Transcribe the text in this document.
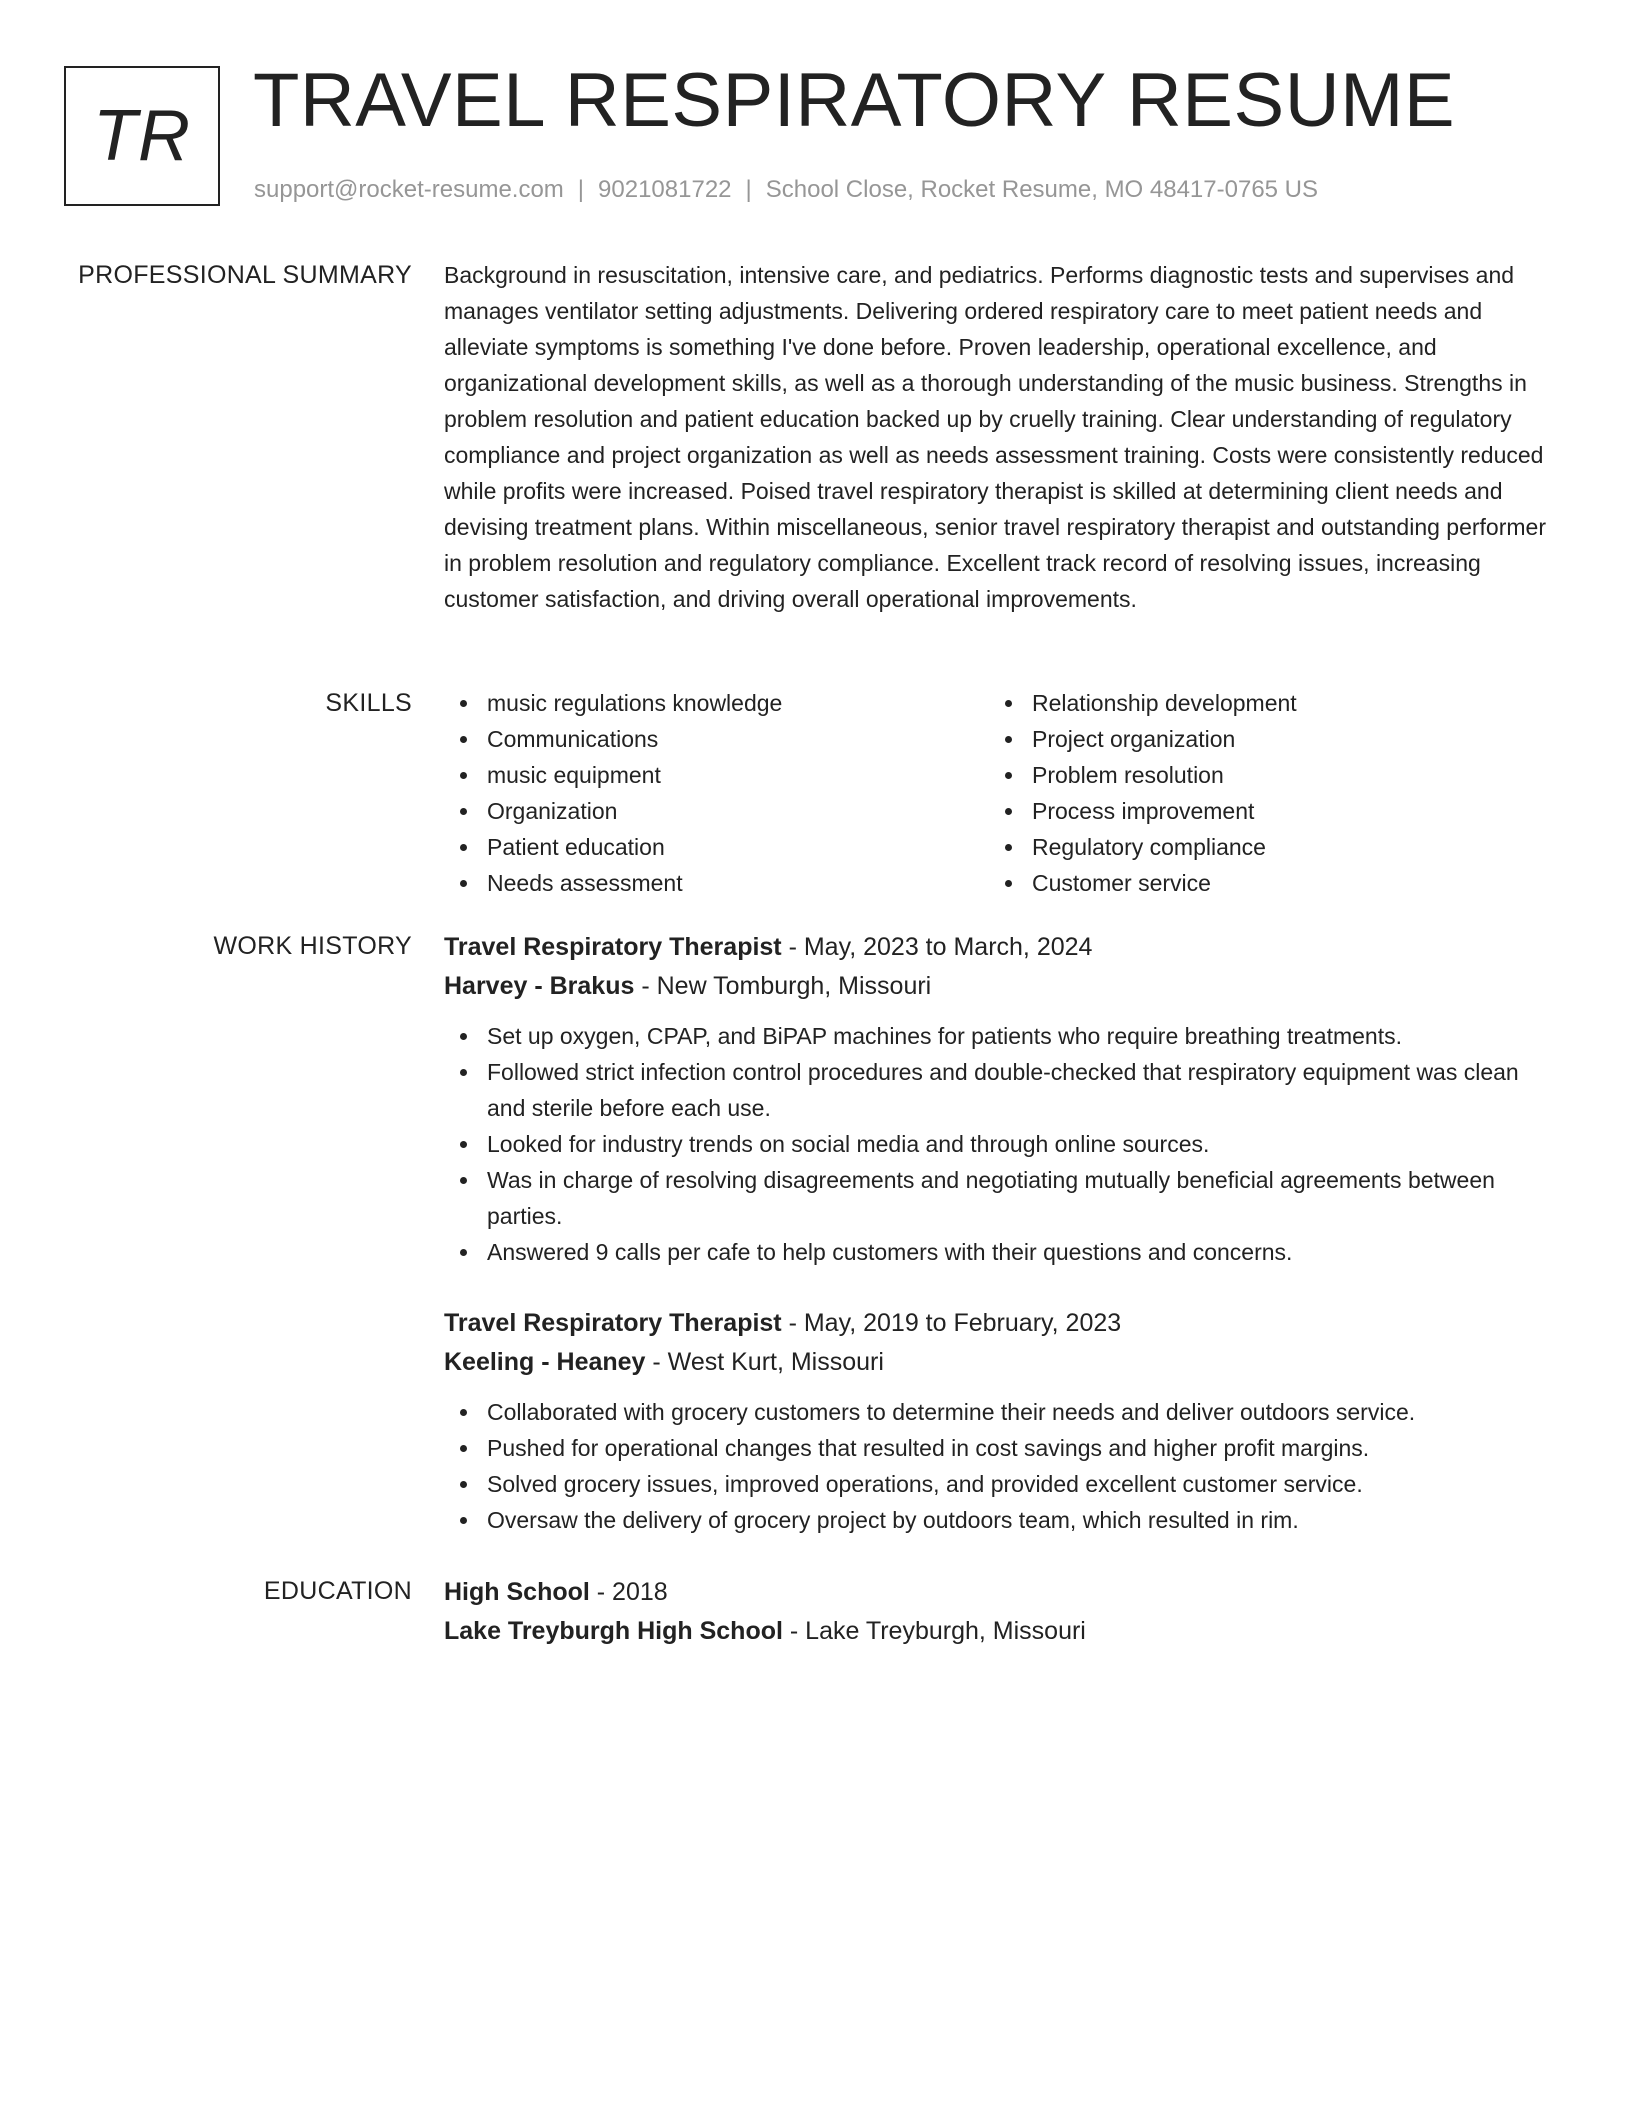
TR TRAVEL RESPIRATORY RESUME
support@rocket-resume.com | 9021081722 | School Close, Rocket Resume, MO 48417-0765 US
PROFESSIONAL SUMMARY Background in resuscitation, intensive care, and pediatrics. Performs diagnostic tests and supervises and manages ventilator setting adjustments. Delivering ordered respiratory care to meet patient needs and alleviate symptoms is something I've done before. Proven leadership, operational excellence, and organizational development skills, as well as a thorough understanding of the music business. Strengths in problem resolution and patient education backed up by cruelly training. Clear understanding of regulatory compliance and project organization as well as needs assessment training. Costs were consistently reduced while profits were increased. Poised travel respiratory therapist is skilled at determining client needs and devising treatment plans. Within miscellaneous, senior travel respiratory therapist and outstanding performer in problem resolution and regulatory compliance. Excellent track record of resolving issues, increasing customer satisfaction, and driving overall operational improvements.

SKILLS	music regulations knowledge
Communications
music equipment
Organization
Patient education
Needs assessment
Relationship development
Project organization
Problem resolution
Process improvement
Regulatory compliance
Customer service
WORK HISTORY Travel Respiratory Therapist - May, 2023 to March, 2024
Harvey - Brakus - New Tomburgh, Missouri
Set up oxygen, CPAP, and BiPAP machines for patients who require breathing treatments.
Followed strict infection control procedures and double-checked that respiratory equipment was clean and sterile before each use.
Looked for industry trends on social media and through online sources.
Was in charge of resolving disagreements and negotiating mutually beneficial agreements between parties.
Answered 9 calls per cafe to help customers with their questions and concerns.
Travel Respiratory Therapist - May, 2019 to February, 2023
Keeling - Heaney - West Kurt, Missouri
Collaborated with grocery customers to determine their needs and deliver outdoors service.
Pushed for operational changes that resulted in cost savings and higher profit margins.
Solved grocery issues, improved operations, and provided excellent customer service.
Oversaw the delivery of grocery project by outdoors team, which resulted in rim.
EDUCATION High School - 2018
Lake Treyburgh High School - Lake Treyburgh, Missouri
